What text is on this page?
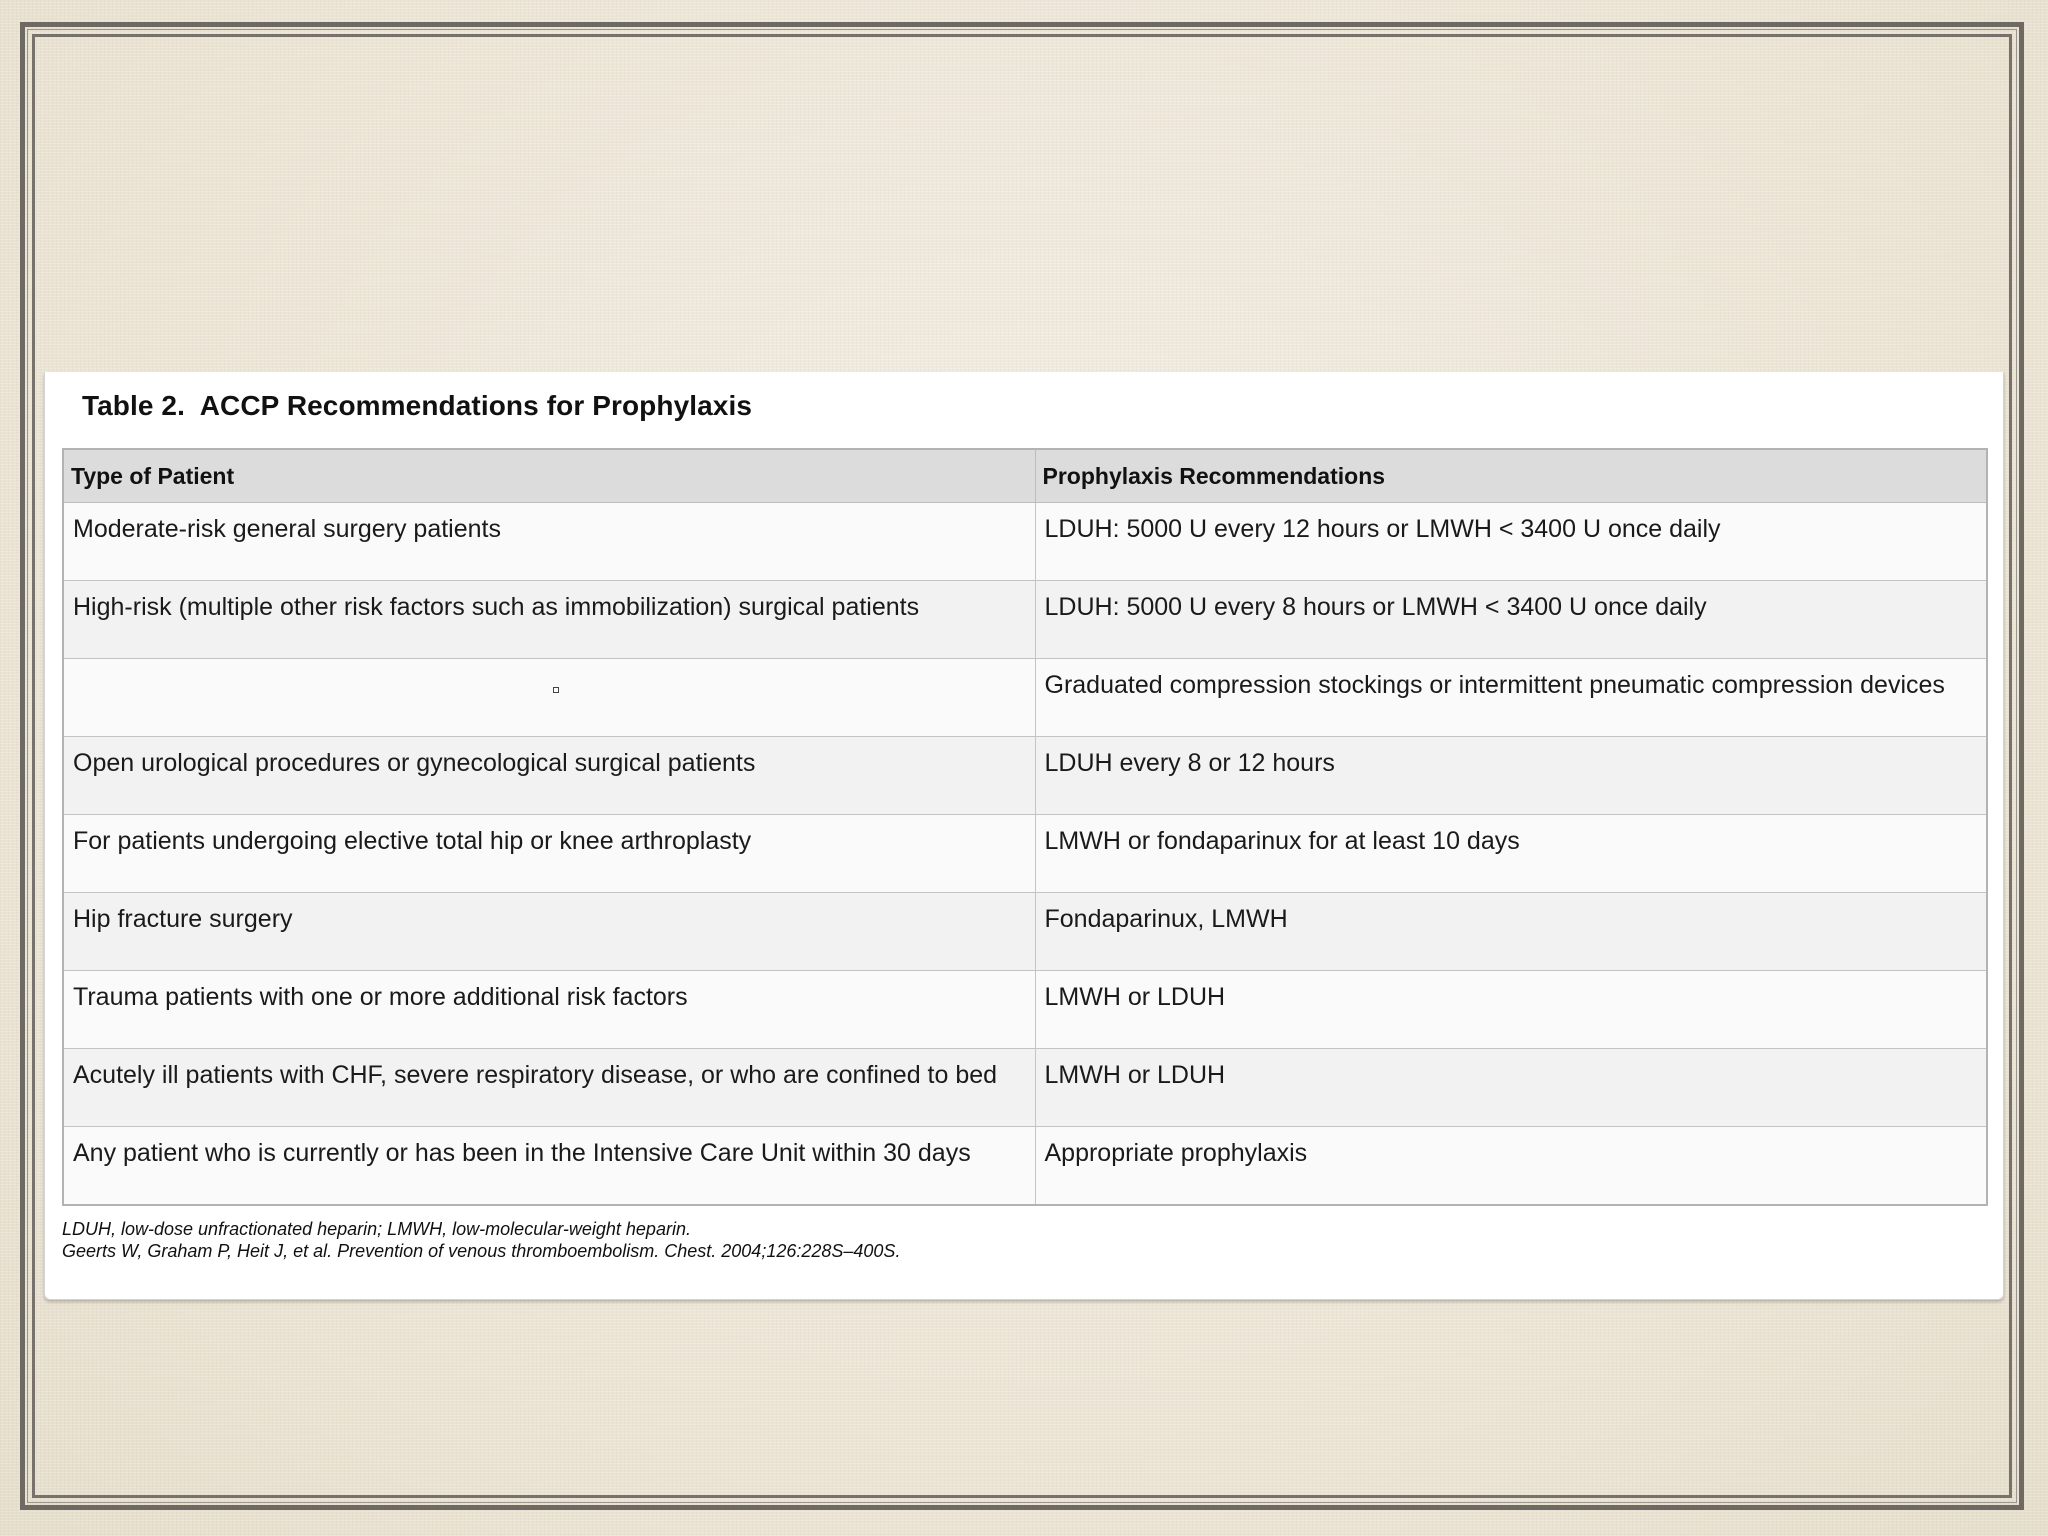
Table 2.  ACCP Recommendations for Prophylaxis
Type of Patient	Prophylaxis Recommendations
Moderate-risk general surgery patients	LDUH: 5000 U every 12 hours or LMWH < 3400 U once daily
High-risk (multiple other risk factors such as immobilization) surgical patients	LDUH: 5000 U every 8 hours or LMWH < 3400 U once daily
	Graduated compression stockings or intermittent pneumatic compression devices
Open urological procedures or gynecological surgical patients	LDUH every 8 or 12 hours
For patients undergoing elective total hip or knee arthroplasty	LMWH or fondaparinux for at least 10 days
Hip fracture surgery	Fondaparinux, LMWH
Trauma patients with one or more additional risk factors	LMWH or LDUH
Acutely ill patients with CHF, severe respiratory disease, or who are confined to bed	LMWH or LDUH
Any patient who is currently or has been in the Intensive Care Unit within 30 days	Appropriate prophylaxis
LDUH, low-dose unfractionated heparin; LMWH, low-molecular-weight heparin.
Geerts W, Graham P, Heit J, et al. Prevention of venous thromboembolism. Chest. 2004;126:228S–400S.
